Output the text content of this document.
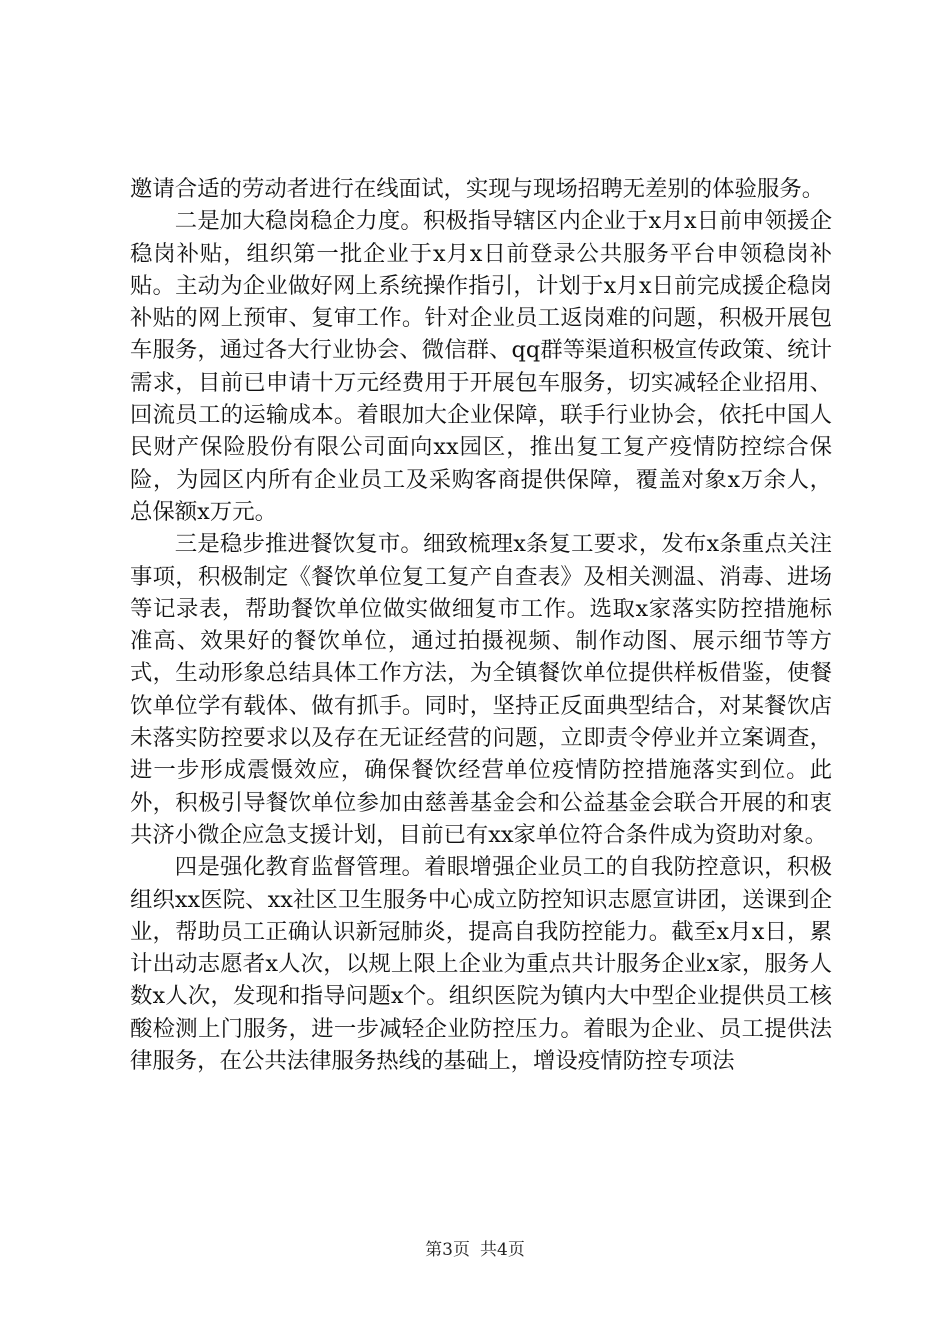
邀请合适的劳动者进行在线面试，实现与现场招聘无差别的体验服务。

二是加大稳岗稳企力度。积极指导辖区内企业于x月x日前申领援企稳岗补贴，组织第一批企业于x月x日前登录公共服务平台申领稳岗补贴。主动为企业做好网上系统操作指引，计划于x月x日前完成援企稳岗补贴的网上预审、复审工作。针对企业员工返岗难的问题，积极开展包车服务，通过各大行业协会、微信群、qq群等渠道积极宣传政策、统计需求，目前已申请十万元经费用于开展包车服务，切实减轻企业招用、回流员工的运输成本。着眼加大企业保障，联手行业协会，依托中国人民财产保险股份有限公司面向xx园区，推出复工复产疫情防控综合保险，为园区内所有企业员工及采购客商提供保障，覆盖对象x万余人，总保额x万元。

三是稳步推进餐饮复市。细致梳理x条复工要求，发布x条重点关注事项，积极制定《餐饮单位复工复产自查表》及相关测温、消毒、进场等记录表，帮助餐饮单位做实做细复市工作。选取x家落实防控措施标准高、效果好的餐饮单位，通过拍摄视频、制作动图、展示细节等方式，生动形象总结具体工作方法，为全镇餐饮单位提供样板借鉴，使餐饮单位学有载体、做有抓手。同时，坚持正反面典型结合，对某餐饮店未落实防控要求以及存在无证经营的问题，立即责令停业并立案调查，进一步形成震慑效应，确保餐饮经营单位疫情防控措施落实到位。此外，积极引导餐饮单位参加由慈善基金会和公益基金会联合开展的和衷共济小微企应急支援计划，目前已有xx家单位符合条件成为资助对象。

四是强化教育监督管理。着眼增强企业员工的自我防控意识，积极组织xx医院、xx社区卫生服务中心成立防控知识志愿宣讲团，送课到企业，帮助员工正确认识新冠肺炎，提高自我防控能力。截至x月x日，累计出动志愿者x人次，以规上限上企业为重点共计服务企业x家，服务人数x人次，发现和指导问题x个。组织医院为镇内大中型企业提供员工核酸检测上门服务，进一步减轻企业防控压力。着眼为企业、员工提供法律服务，在公共法律服务热线的基础上，增设疫情防控专项法

第3页 共4页
